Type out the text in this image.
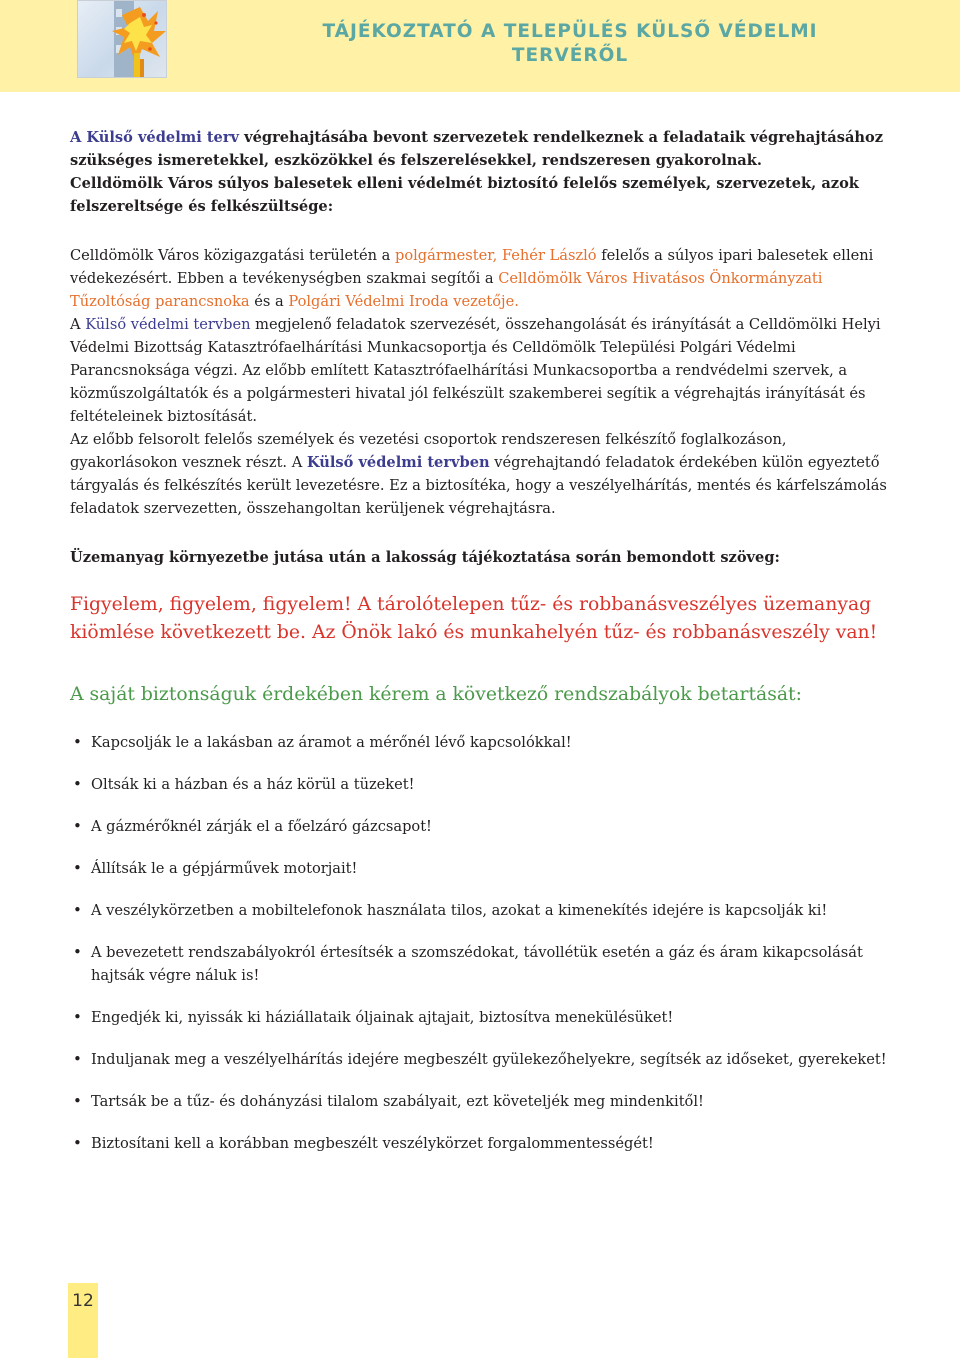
TÁJÉKOZTATÓ A TELEPÜLÉS KÜLSŐ VÉDELMI
TERVÉRŐL

A Külső védelmi terv végrehajtásába bevont szervezetek rendelkeznek a feladataik végrehajtásához szükséges ismeretekkel, eszközökkel és felszerelésekkel, rendszeresen gyakorolnak.

Celldömölk Város súlyos balesetek elleni védelmét biztosító felelős személyek, szervezetek, azok felszereltsége és felkészültsége:

Celldömölk Város közigazgatási területén a polgármester, Fehér László felelős a súlyos ipari balesetek elleni védekezésért. Ebben a tevékenységben szakmai segítői a Celldömölk Város Hivatásos Önkormányzati Tűzoltóság parancsnoka és a Polgári Védelmi Iroda vezetője.

A Külső védelmi tervben megjelenő feladatok szervezését, összehangolását és irányítását a Celldömölki Helyi Védelmi Bizottság Katasztrófaelhárítási Munkacsoportja és Celldömölk Települési Polgári Védelmi Parancsnoksága végzi. Az előbb említett Katasztrófaelhárítási Munkacsoportba a rendvédelmi szervek, a közműszolgáltatók és a polgármesteri hivatal jól felkészült szakemberei segítik a végrehajtás irányítását és feltételeinek biztosítását.

Az előbb felsorolt felelős személyek és vezetési csoportok rendszeresen felkészítő foglalkozáson, gyakorlásokon vesznek részt. A Külső védelmi tervben végrehajtandó feladatok érdekében külön egyeztető tárgyalás és felkészítés került levezetésre. Ez a biztosítéka, hogy a veszélyelhárítás, mentés és kárfelszámolás feladatok szervezetten, összehangoltan kerüljenek végrehajtásra.

Üzemanyag környezetbe jutása után a lakosság tájékoztatása során bemondott szöveg:

Figyelem, figyelem, figyelem! A tárolótelepen tűz- és robbanásveszélyes üzemanyag kiömlése következett be. Az Önök lakó és munkahelyén tűz- és robbanásveszély van!

A saját biztonságuk érdekében kérem a következő rendszabályok betartását:

• Kapcsolják le a lakásban az áramot a mérőnél lévő kapcsolókkal!
• Oltsák ki a házban és a ház körül a tüzeket!
• A gázmérőknél zárják el a főelzáró gázcsapot!
• Állítsák le a gépjárművek motorjait!
• A veszélykörzetben a mobiltelefonok használata tilos, azokat a kimenekítés idejére is kapcsolják ki!
• A bevezetett rendszabályokról értesítsék a szomszédokat, távollétük esetén a gáz és áram kikapcsolását hajtsák végre náluk is!
• Engedjék ki, nyissák ki háziállataik óljainak ajtajait, biztosítva menekülésüket!
• Induljanak meg a veszélyelhárítás idejére megbeszélt gyülekezőhelyekre, segítsék az időseket, gyerekeket!
• Tartsák be a tűz- és dohányzási tilalom szabályait, ezt követeljék meg mindenkitől!
• Biztosítani kell a korábban megbeszélt veszélykörzet forgalommentességét!
12
